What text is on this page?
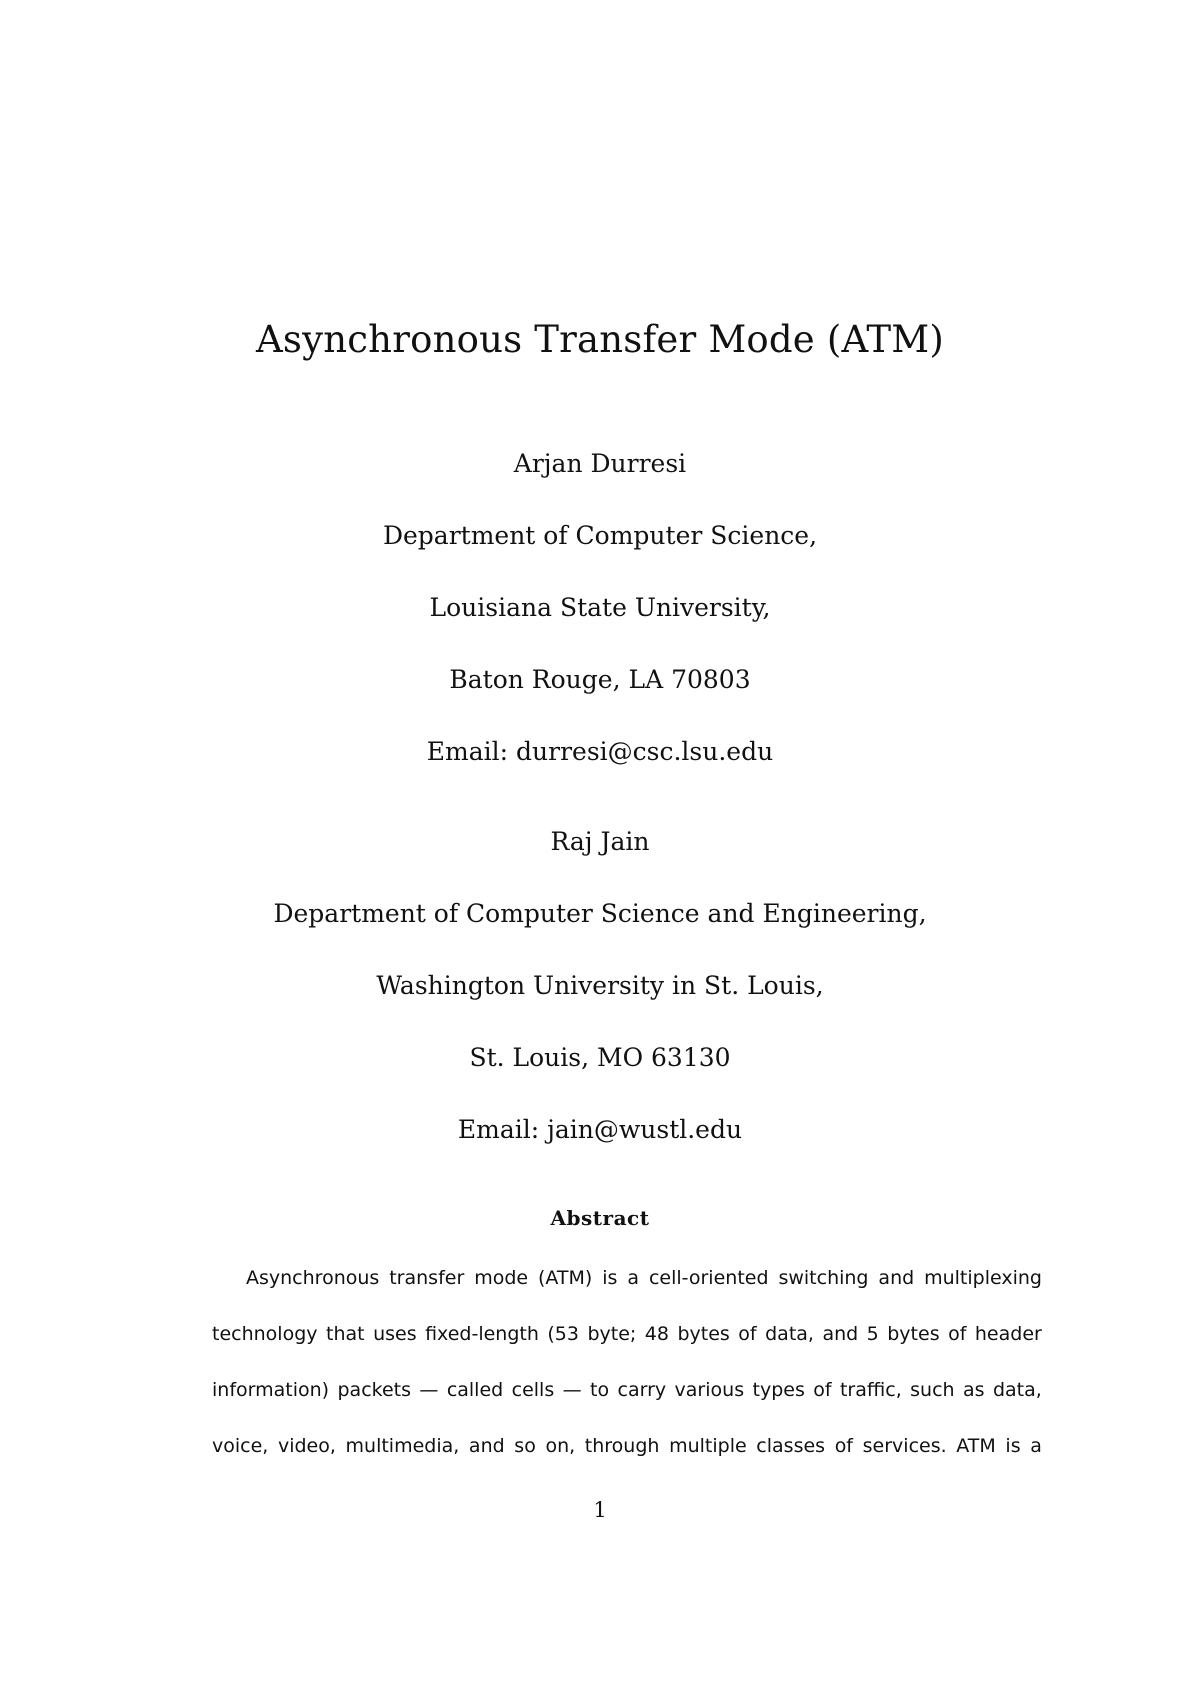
Asynchronous Transfer Mode (ATM)
Arjan Durresi
Department of Computer Science,
Louisiana State University,
Baton Rouge, LA 70803
Email: durresi@csc.lsu.edu
Raj Jain
Department of Computer Science and Engineering,
Washington University in St. Louis,
St. Louis, MO 63130
Email: jain@wustl.edu
Abstract
Asynchronous transfer mode (ATM) is a cell-oriented switching and multiplexing
technology that uses fixed-length (53 byte; 48 bytes of data, and 5 bytes of header
information) packets — called cells — to carry various types of traffic, such as data,
voice, video, multimedia, and so on, through multiple classes of services. ATM is a
1
